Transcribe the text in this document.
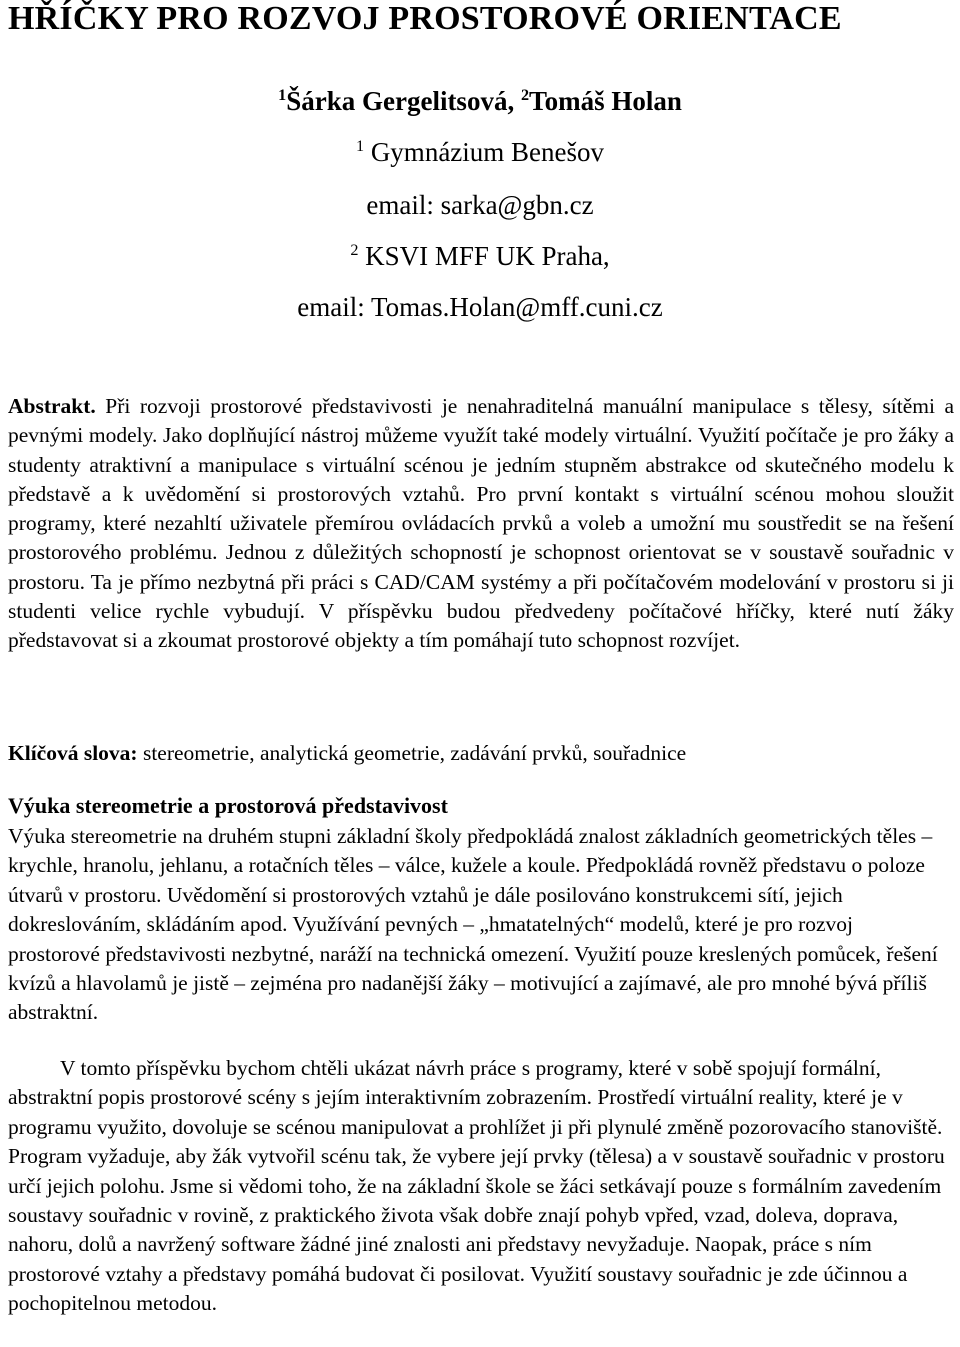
HŘÍČKY PRO ROZVOJ PROSTOROVÉ ORIENTACE
$^1$Šárka Gergelitsová, $^2$Tomáš Holan
$^1$ Gymnázium Benešov
email: sarka@gbn.cz
$^2$ KSVI MFF UK Praha,
email: Tomas.Holan@mff.cuni.cz

Abstrakt. Při rozvoji prostorové představivosti je nenahraditelná manuální manipulace s tělesy, sítěmi a pevnými modely. Jako doplňující nástroj můžeme využít také modely virtuální. Využití počítače je pro žáky a studenty atraktivní a manipulace s virtuální scénou je jedním stupněm abstrakce od skutečného modelu k představě a k uvědomění si prostorových vztahů. Pro první kontakt s virtuální scénou mohou sloužit programy, které nezahltí uživatele přemírou ovládacích prvků a voleb a umožní mu soustředit se na řešení prostorového problému. Jednou z důležitých schopností je schopnost orientovat se v soustavě souřadnic v prostoru. Ta je přímo nezbytná při práci s CAD/CAM systémy a při počítačovém modelování v prostoru si ji studenti velice rychle vybudují. V příspěvku budou předvedeny počítačové hříčky, které nutí žáky představovat si a zkoumat prostorové objekty a tím pomáhají tuto schopnost rozvíjet.

Klíčová slova: stereometrie, analytická geometrie, zadávání prvků, souřadnice

Výuka stereometrie a prostorová představivost

Výuka stereometrie na druhém stupni základní školy předpokládá znalost základních geometrických těles – krychle, hranolu, jehlanu, a rotačních těles – válce, kužele a koule. Předpokládá rovněž představu o poloze útvarů v prostoru. Uvědomění si prostorových vztahů je dále posilováno konstrukcemi sítí, jejich dokreslováním, skládáním apod. Využívání pevných – „hmatatelných“ modelů, které je pro rozvoj prostorové představivosti nezbytné, naráží na technická omezení. Využití pouze kreslených pomůcek, řešení kvízů a hlavolamů je jistě – zejména pro nadanější žáky – motivující a zajímavé, ale pro mnohé bývá příliš abstraktní.

V tomto příspěvku bychom chtěli ukázat návrh práce s programy, které v sobě spojují formální, abstraktní popis prostorové scény s jejím interaktivním zobrazením. Prostředí virtuální reality, které je v programu využito, dovoluje se scénou manipulovat a prohlížet ji při plynulé změně pozorovacího stanoviště. Program vyžaduje, aby žák vytvořil scénu tak, že vybere její prvky (tělesa) a v soustavě souřadnic v prostoru určí jejich polohu. Jsme si vědomi toho, že na základní škole se žáci setkávají pouze s formálním zavedením soustavy souřadnic v rovině, z praktického života však dobře znají pohyb vpřed, vzad, doleva, doprava, nahoru, dolů a navržený software žádné jiné znalosti ani představy nevyžaduje. Naopak, práce s ním prostorové vztahy a představy pomáhá budovat či posilovat. Využití soustavy souřadnic je zde účinnou a pochopitelnou metodou.
